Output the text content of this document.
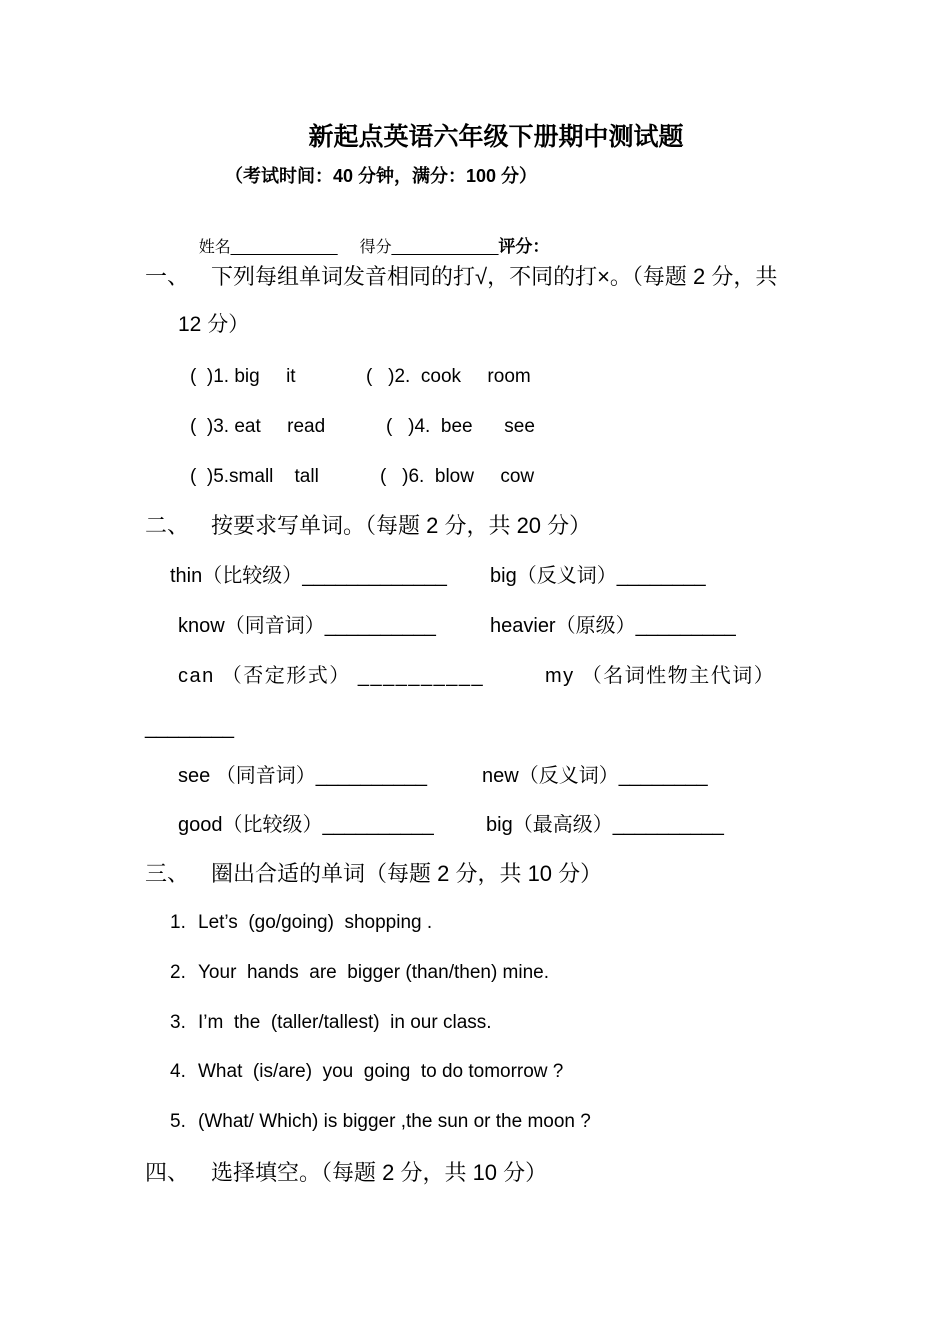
新起点英语六年级下册期中测试题
（考试时间：40 分钟，满分：100 分）

姓名____________ 得分____________评分：

一、 下列每组单词发音相同的打√，不同的打×。（每题 2 分，共
12 分）
(  )1. big     it	(   )2.  cook     room
(  )3. eat     read	(   )4.  bee      see
(  )5.small    tall	(   )6.  blow     cow
二、 按要求写单词。（每题 2 分，共 20 分）
thin（比较级）_____________ big（反义词）________
know（同音词）__________	heavier（原级）_________
can （否定形式） __________	my （名词性物主代词）
________
see （同音词）__________	new（反义词）________
good（比较级）__________	big（最高级）__________
三、 圈出合适的单词（每题 2 分，共 10 分）
1. Let’s  (go/going)  shopping .
2. Your  hands  are  bigger (than/then) mine.
3. I’m  the  (taller/tallest)  in our class.
4. What  (is/are)  you  going  to do tomorrow ?
5. (What/ Which) is bigger ,the sun or the moon ?
四、 选择填空。（每题 2 分，共 10 分）
